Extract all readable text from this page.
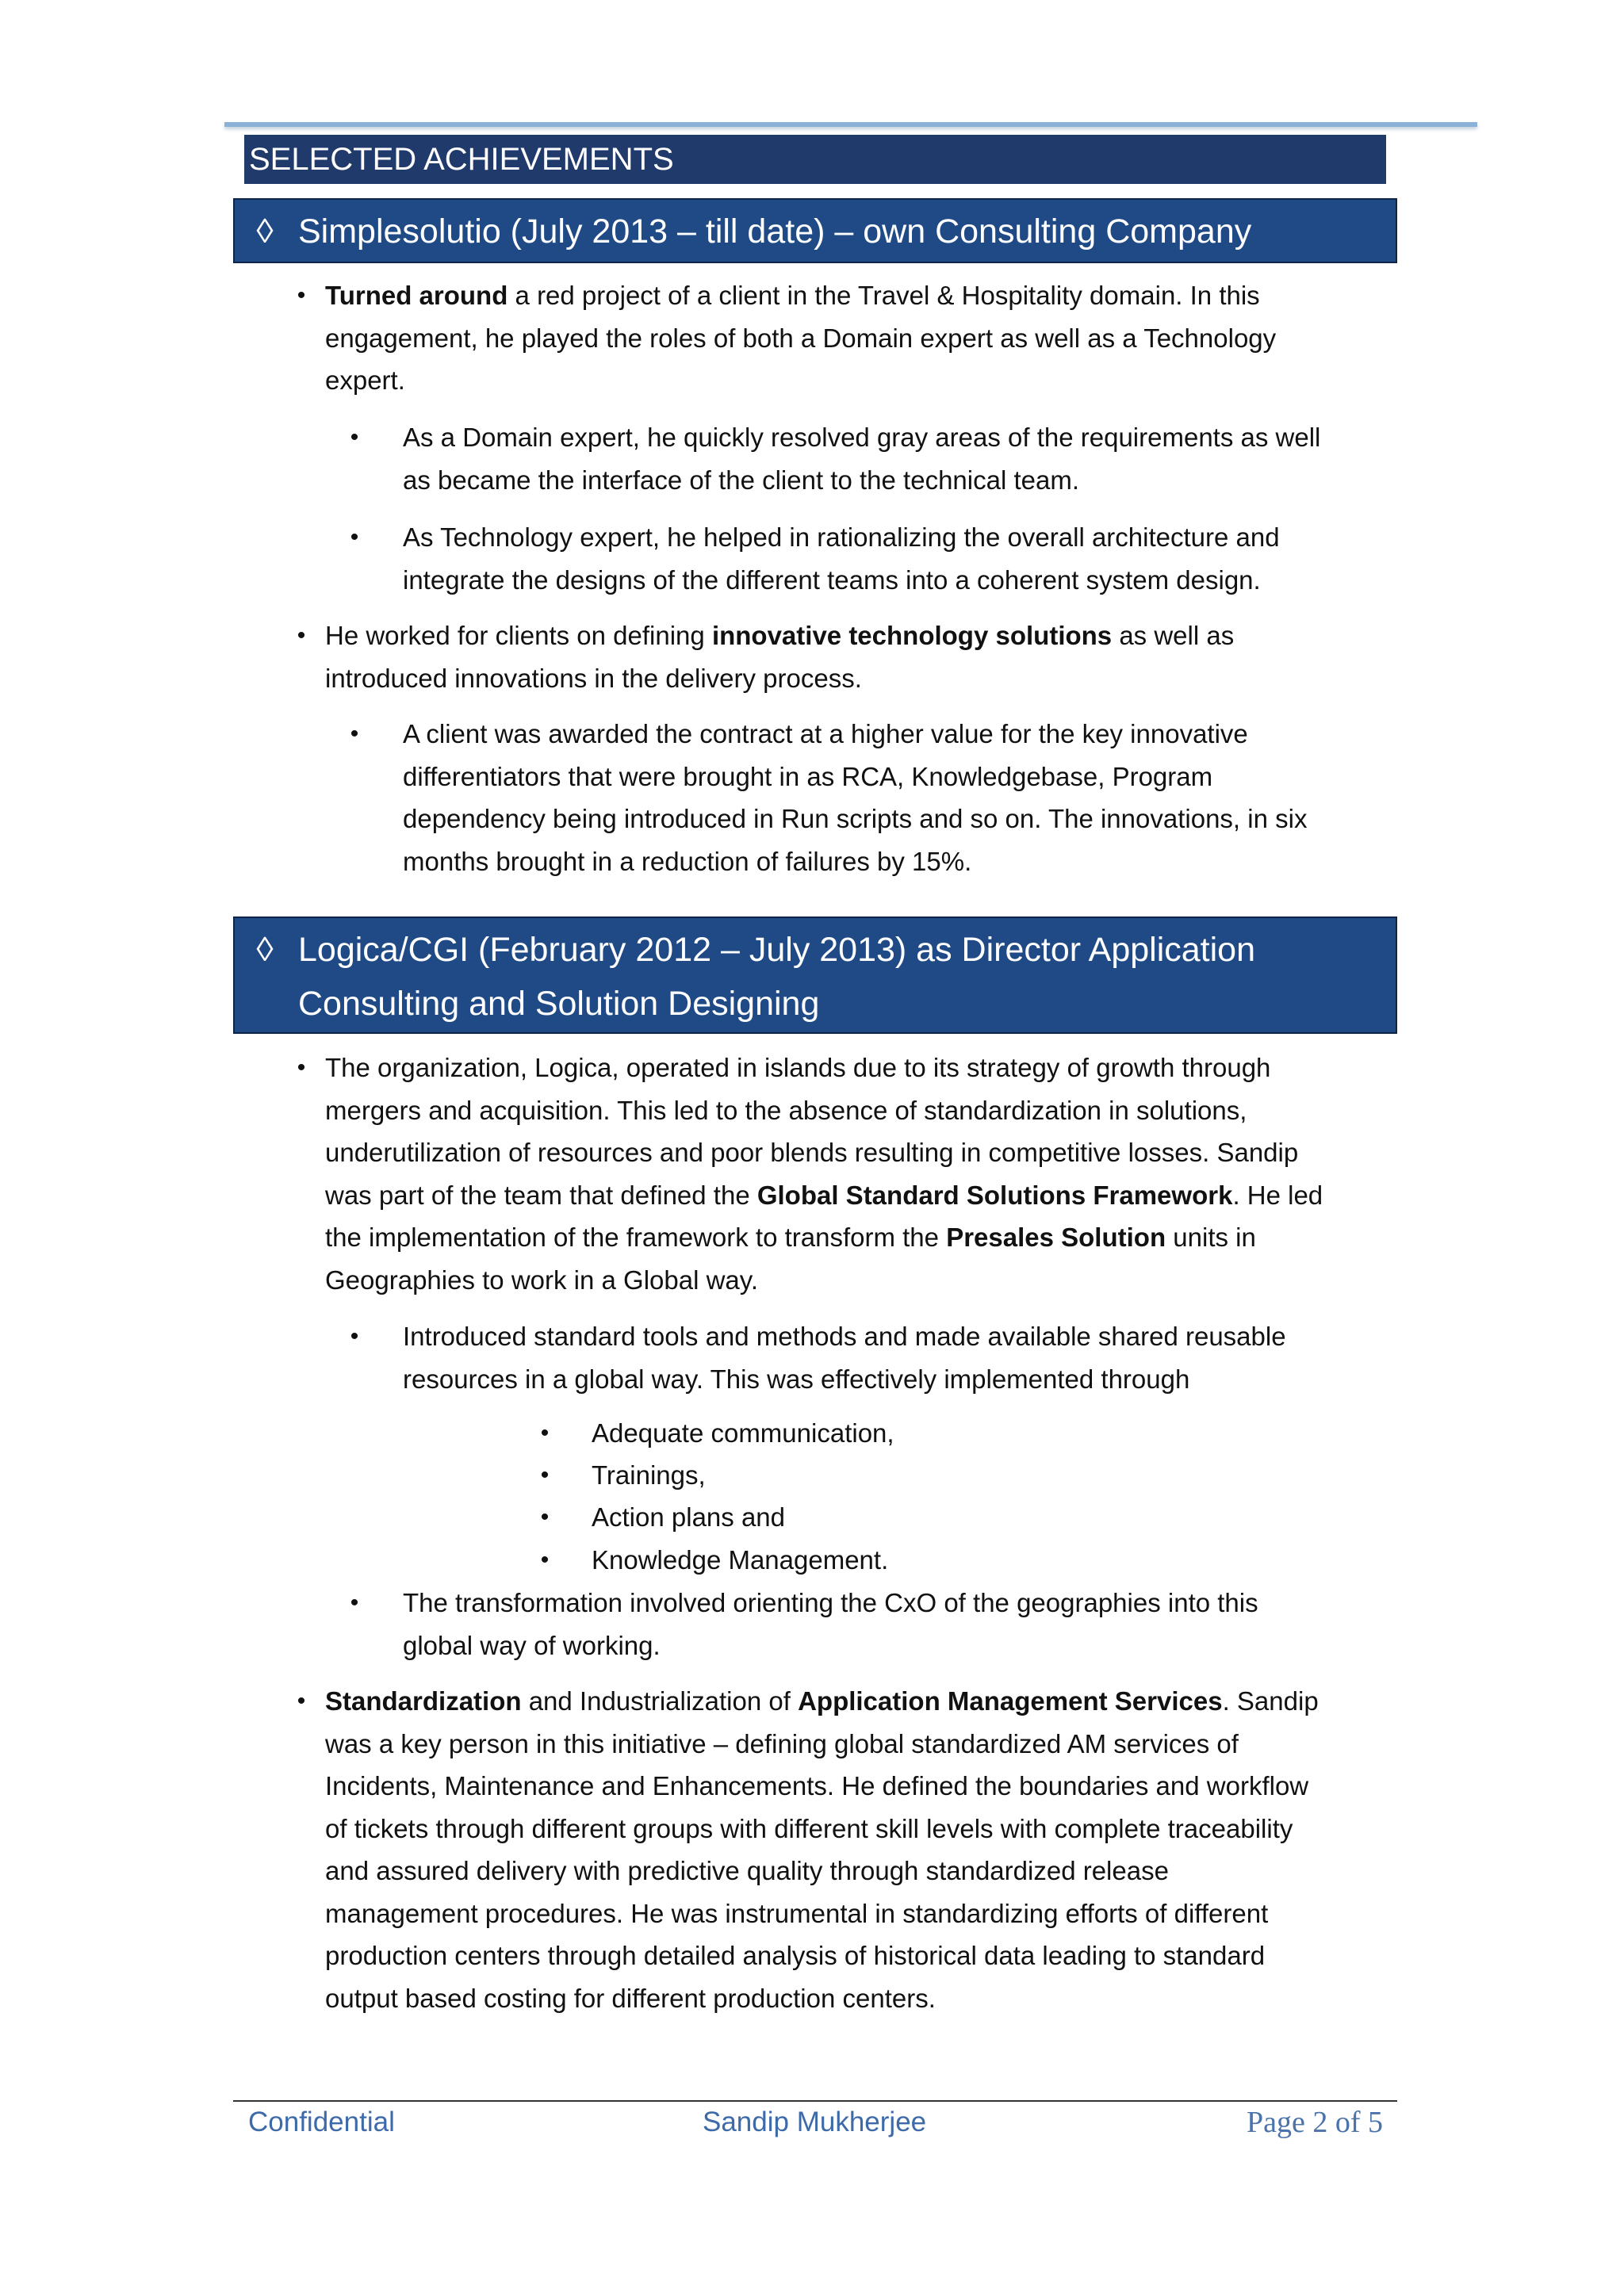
SELECTED ACHIEVEMENTS
◊ Simplesolutio (July 2013 – till date) – own Consulting Company
• Turned around a red project of a client in the Travel & Hospitality domain. In this
engagement, he played the roles of both a Domain expert as well as a Technology
expert.
• As a Domain expert, he quickly resolved gray areas of the requirements as well
as became the interface of the client to the technical team.
• As Technology expert, he helped in rationalizing the overall architecture and
integrate the designs of the different teams into a coherent system design.
• He worked for clients on defining innovative technology solutions as well as
introduced innovations in the delivery process.
• A client was awarded the contract at a higher value for the key innovative
differentiators that were brought in as RCA, Knowledgebase, Program
dependency being introduced in Run scripts and so on. The innovations, in six
months brought in a reduction of failures by 15%.
◊ Logica/CGI (February 2012 – July 2013) as Director Application
Consulting and Solution Designing
• The organization, Logica, operated in islands due to its strategy of growth through
mergers and acquisition. This led to the absence of standardization in solutions,
underutilization of resources and poor blends resulting in competitive losses. Sandip
was part of the team that defined the Global Standard Solutions Framework. He led
the implementation of the framework to transform the Presales Solution units in
Geographies to work in a Global way.
• Introduced standard tools and methods and made available shared reusable
resources in a global way. This was effectively implemented through
• Adequate communication,
• Trainings,
• Action plans and
• Knowledge Management.
• The transformation involved orienting the CxO of the geographies into this
global way of working.
• Standardization and Industrialization of Application Management Services. Sandip
was a key person in this initiative – defining global standardized AM services of
Incidents, Maintenance and Enhancements. He defined the boundaries and workflow
of tickets through different groups with different skill levels with complete traceability
and assured delivery with predictive quality through standardized release
management procedures. He was instrumental in standardizing efforts of different
production centers through detailed analysis of historical data leading to standard
output based costing for different production centers.
Confidential	Sandip Mukherjee	Page 2 of 5
